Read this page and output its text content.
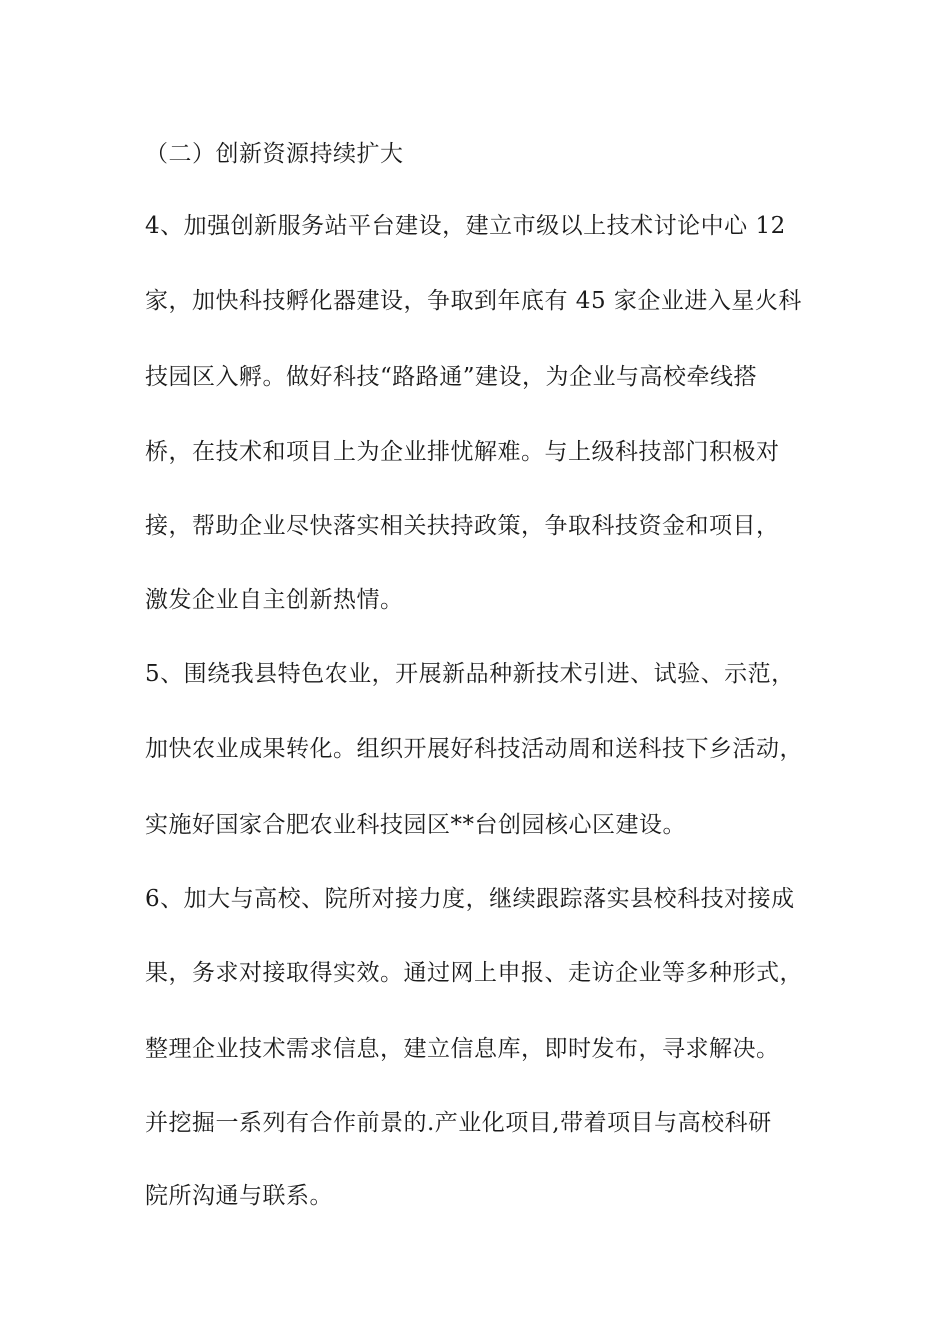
（二）创新资源持续扩大
4、加强创新服务站平台建设，建立市级以上技术讨论中心 12
家，加快科技孵化器建设，争取到年底有 45 家企业进入星火科
技园区入孵。做好科技“路路通”建设，为企业与高校牵线搭
桥，在技术和项目上为企业排忧解难。与上级科技部门积极对
接，帮助企业尽快落实相关扶持政策，争取科技资金和项目，
激发企业自主创新热情。
5、围绕我县特色农业，开展新品种新技术引进、试验、示范，
加快农业成果转化。组织开展好科技活动周和送科技下乡活动，
实施好国家合肥农业科技园区**台创园核心区建设。
6、加大与高校、院所对接力度，继续跟踪落实县校科技对接成
果，务求对接取得实效。通过网上申报、走访企业等多种形式，
整理企业技术需求信息，建立信息库，即时发布，寻求解决。
并挖掘一系列有合作前景的.产业化项目,带着项目与高校科研
院所沟通与联系。
